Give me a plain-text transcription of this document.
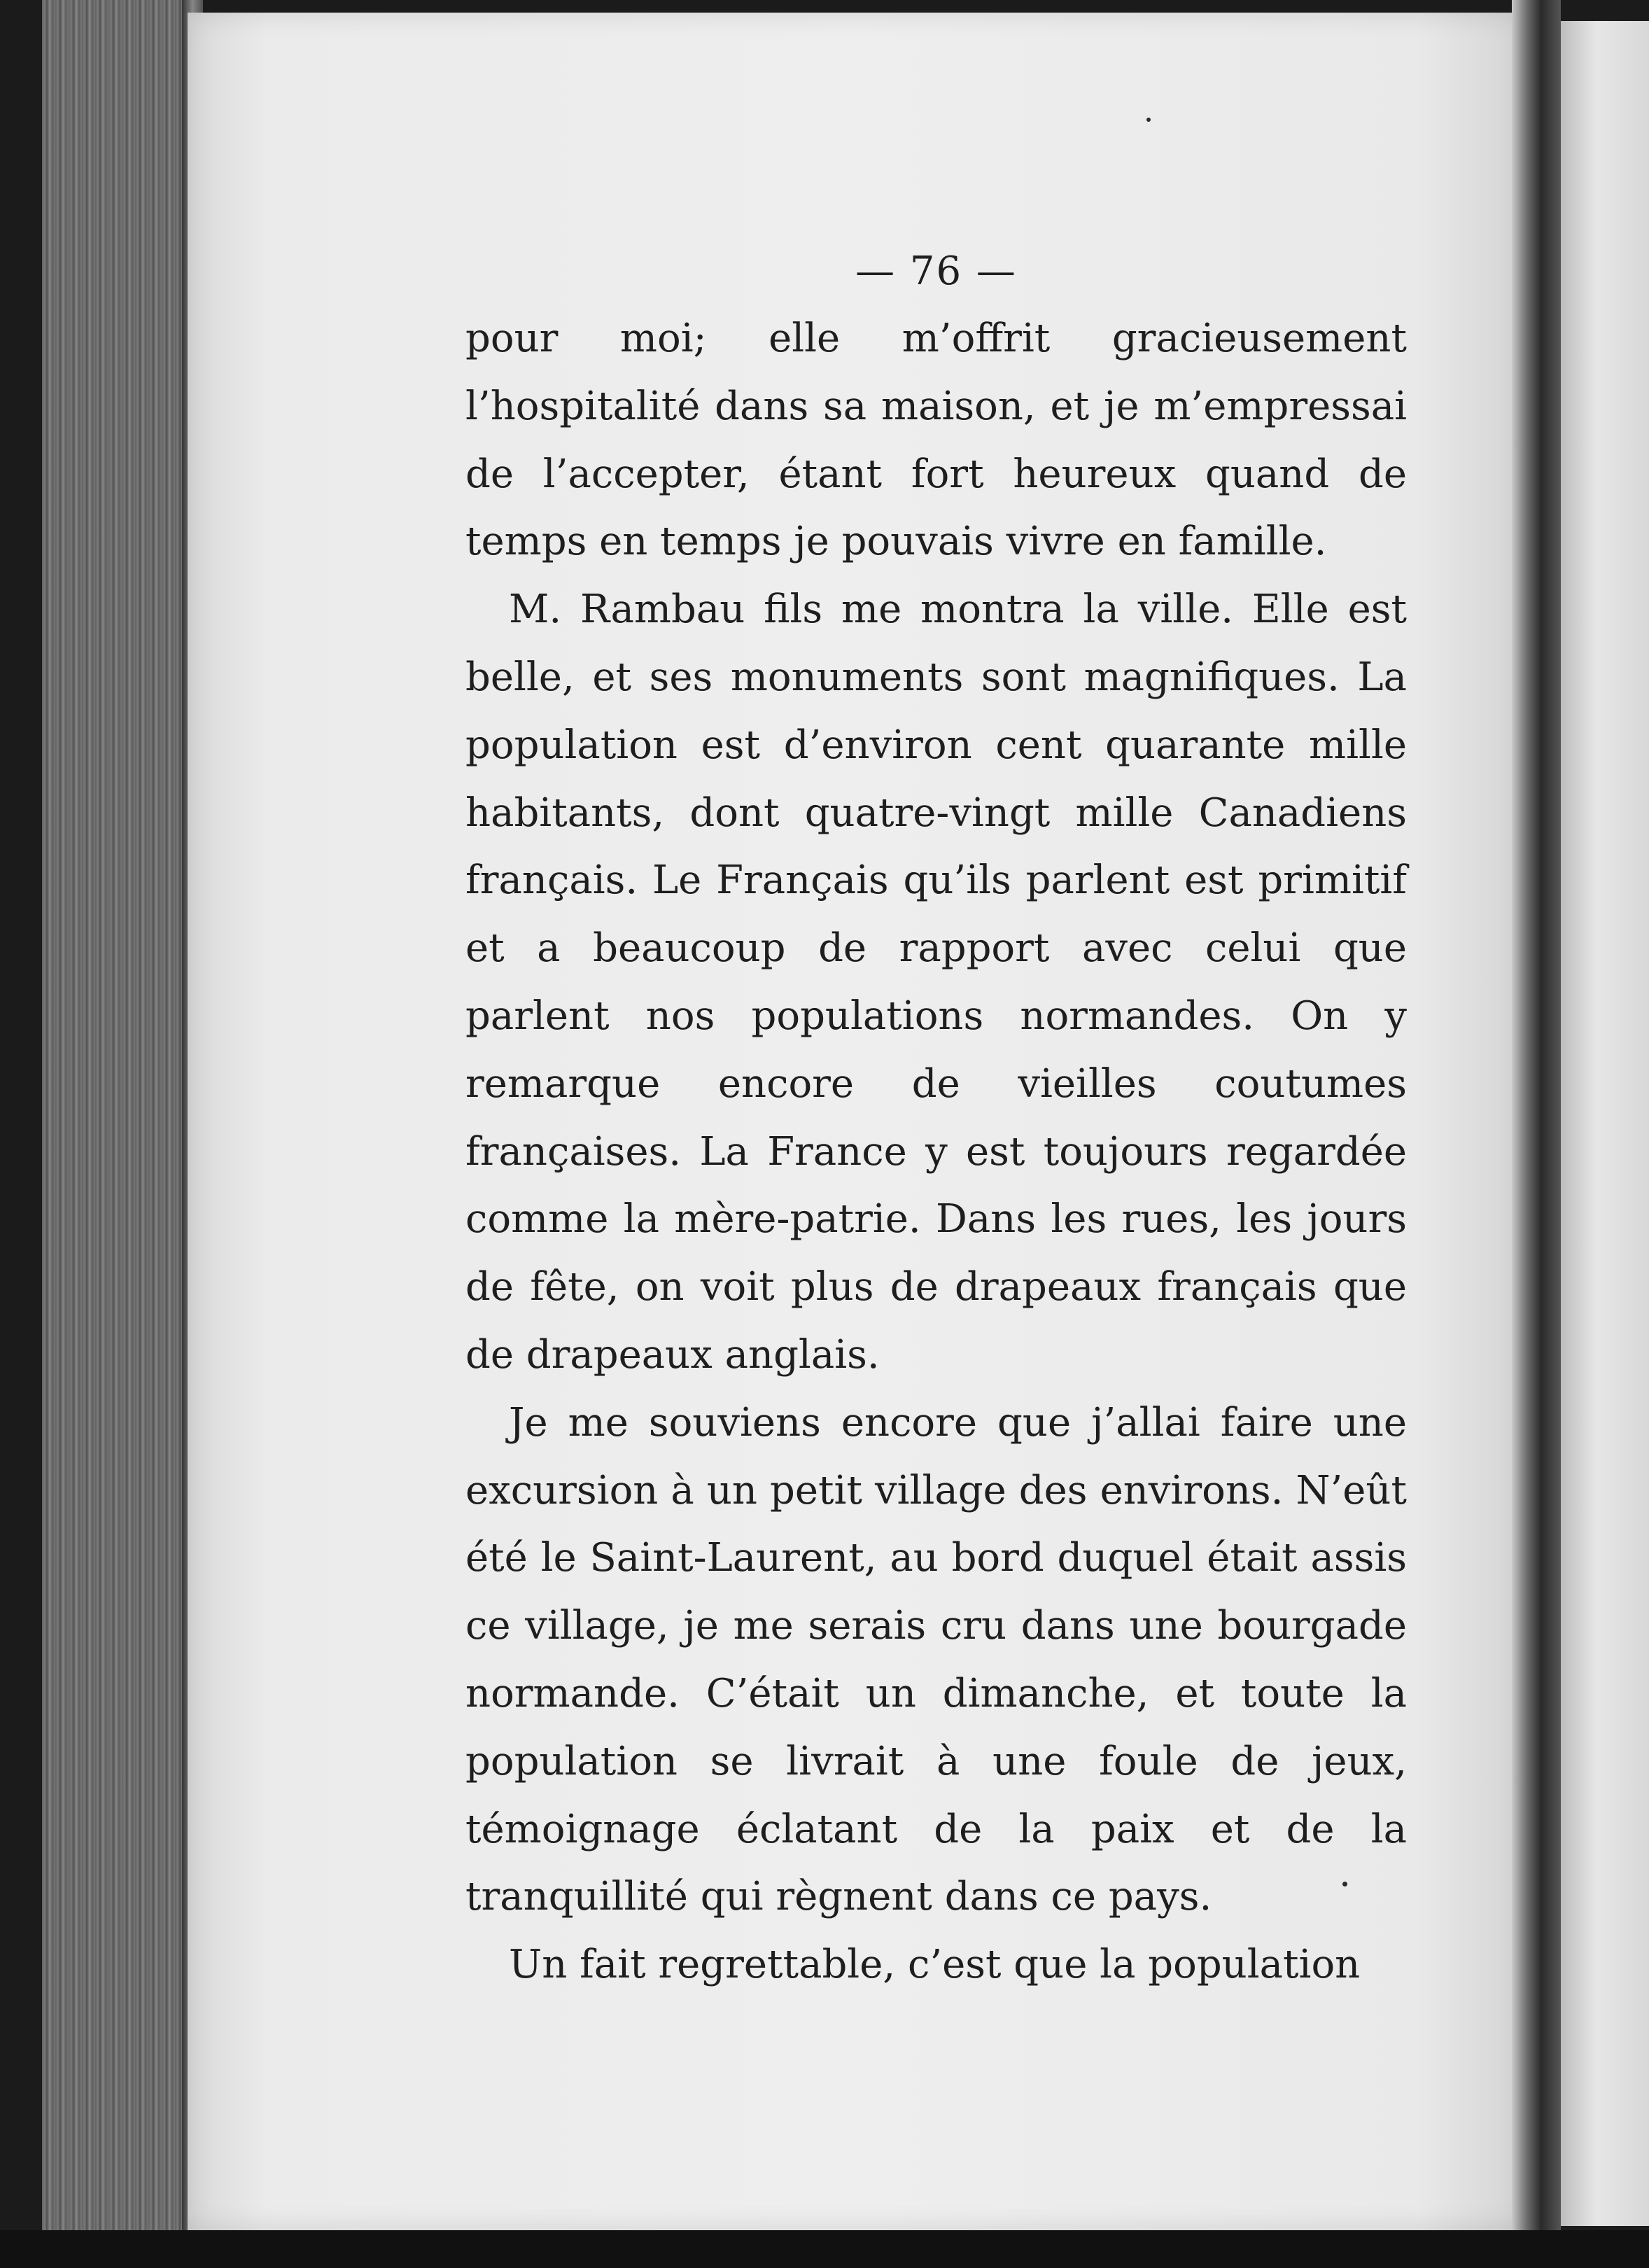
— 76 —

pour moi; elle m’offrit gracieusement l’hospitalité dans sa maison, et je m’empressai de l’accepter, étant fort heureux quand de temps en temps je pouvais vivre en famille.

M. Rambau fils me montra la ville. Elle est belle, et ses monuments sont magnifiques. La population est d’environ cent quarante mille habitants, dont quatre-vingt mille Canadiens français. Le Français qu’ils parlent est primitif et a beaucoup de rapport avec celui que parlent nos populations normandes. On y remarque encore de vieilles coutumes françaises. La France y est toujours regardée comme la mère-patrie. Dans les rues, les jours de fête, on voit plus de drapeaux français que de drapeaux anglais.

Je me souviens encore que j’allai faire une excursion à un petit village des environs. N’eût été le Saint-Laurent, au bord duquel était assis ce village, je me serais cru dans une bourgade normande. C’était un dimanche, et toute la population se livrait à une foule de jeux, témoignage éclatant de la paix et de la tranquillité qui règnent dans ce pays.

Un fait regrettable, c’est que la population
